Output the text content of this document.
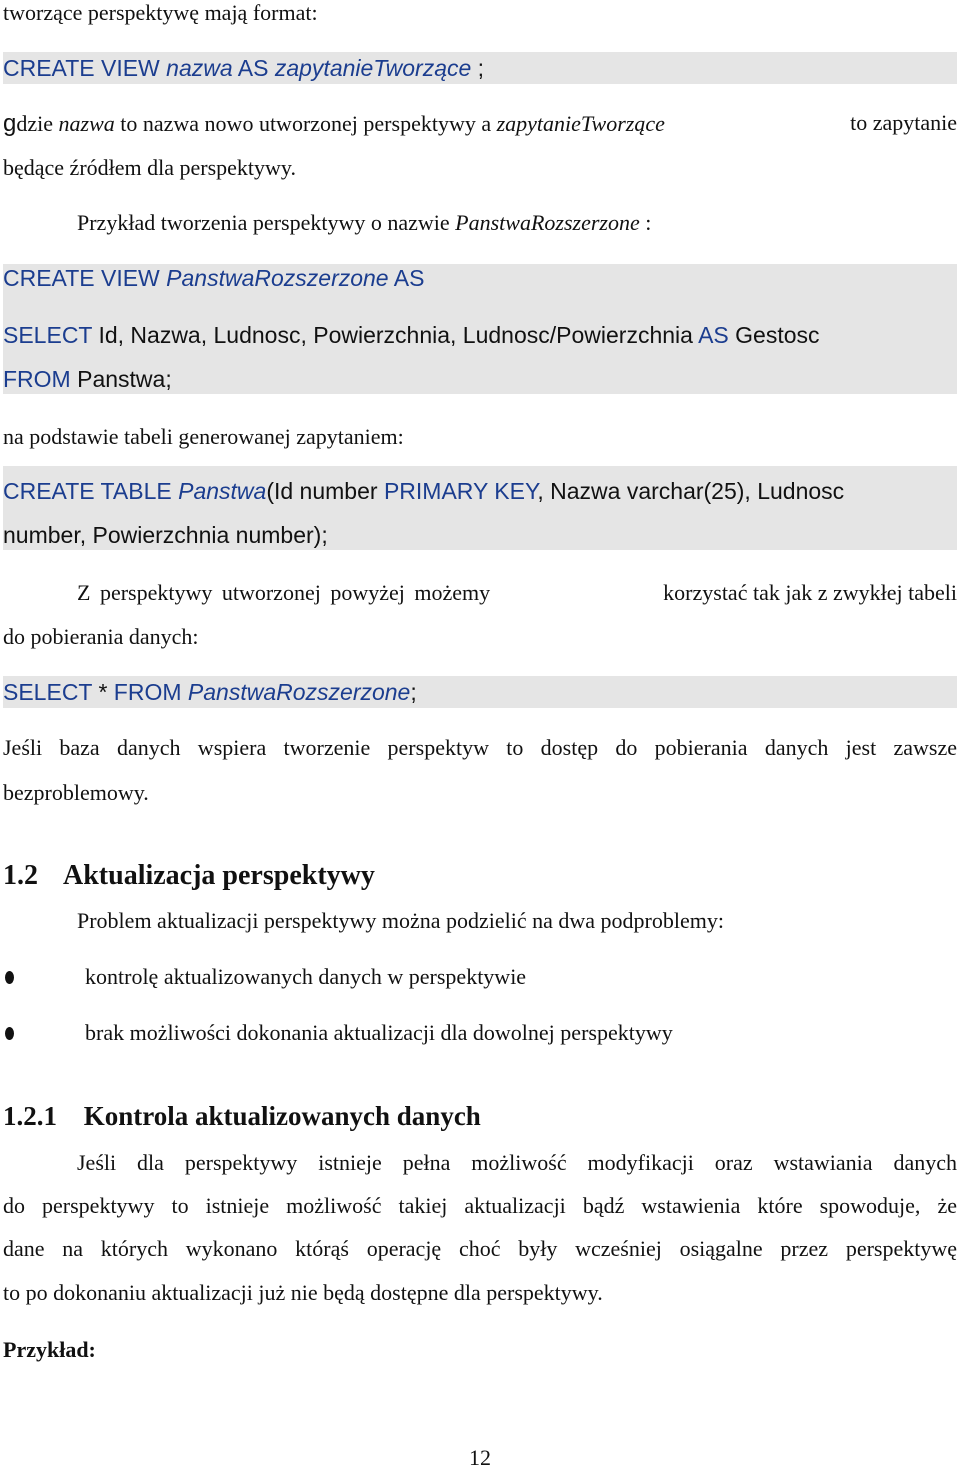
tworzące perspektywę mają format:
CREATE VIEW nazwa AS zapytanieTworzące ;
gdzie nazwa to nazwa nowo utworzonej perspektywy a zapytanieTworzące	to zapytanie
będące źródłem dla perspektywy.
Przykład tworzenia perspektywy o nazwie PanstwaRozszerzone :
CREATE VIEW PanstwaRozszerzone AS
SELECT Id, Nazwa, Ludnosc, Powierzchnia, Ludnosc/Powierzchnia AS Gestosc
FROM Panstwa;
na podstawie tabeli generowanej zapytaniem:
CREATE TABLE Panstwa(Id number PRIMARY KEY, Nazwa varchar(25), Ludnosc
number, Powierzchnia number);
Z perspektywy utworzonej powyżej możemy	korzystać tak jak z zwykłej tabeli
do pobierania danych:
SELECT * FROM PanstwaRozszerzone;
Jeśli baza danych wspiera tworzenie perspektyw to dostęp do pobierania danych jest zawsze
bezproblemowy.
1.2 Aktualizacja perspektywy
Problem aktualizacji perspektywy można podzielić na dwa podproblemy:
kontrolę aktualizowanych danych w perspektywie
brak możliwości dokonania aktualizacji dla dowolnej perspektywy
1.2.1 Kontrola aktualizowanych danych
Jeśli dla perspektywy istnieje pełna możliwość modyfikacji oraz wstawiania danych
do perspektywy to istnieje możliwość takiej aktualizacji bądź wstawienia które spowoduje, że
dane na których wykonano którąś operację choć były wcześniej osiągalne przez perspektywę
to po dokonaniu aktualizacji już nie będą dostępne dla perspektywy.
Przykład:
12
